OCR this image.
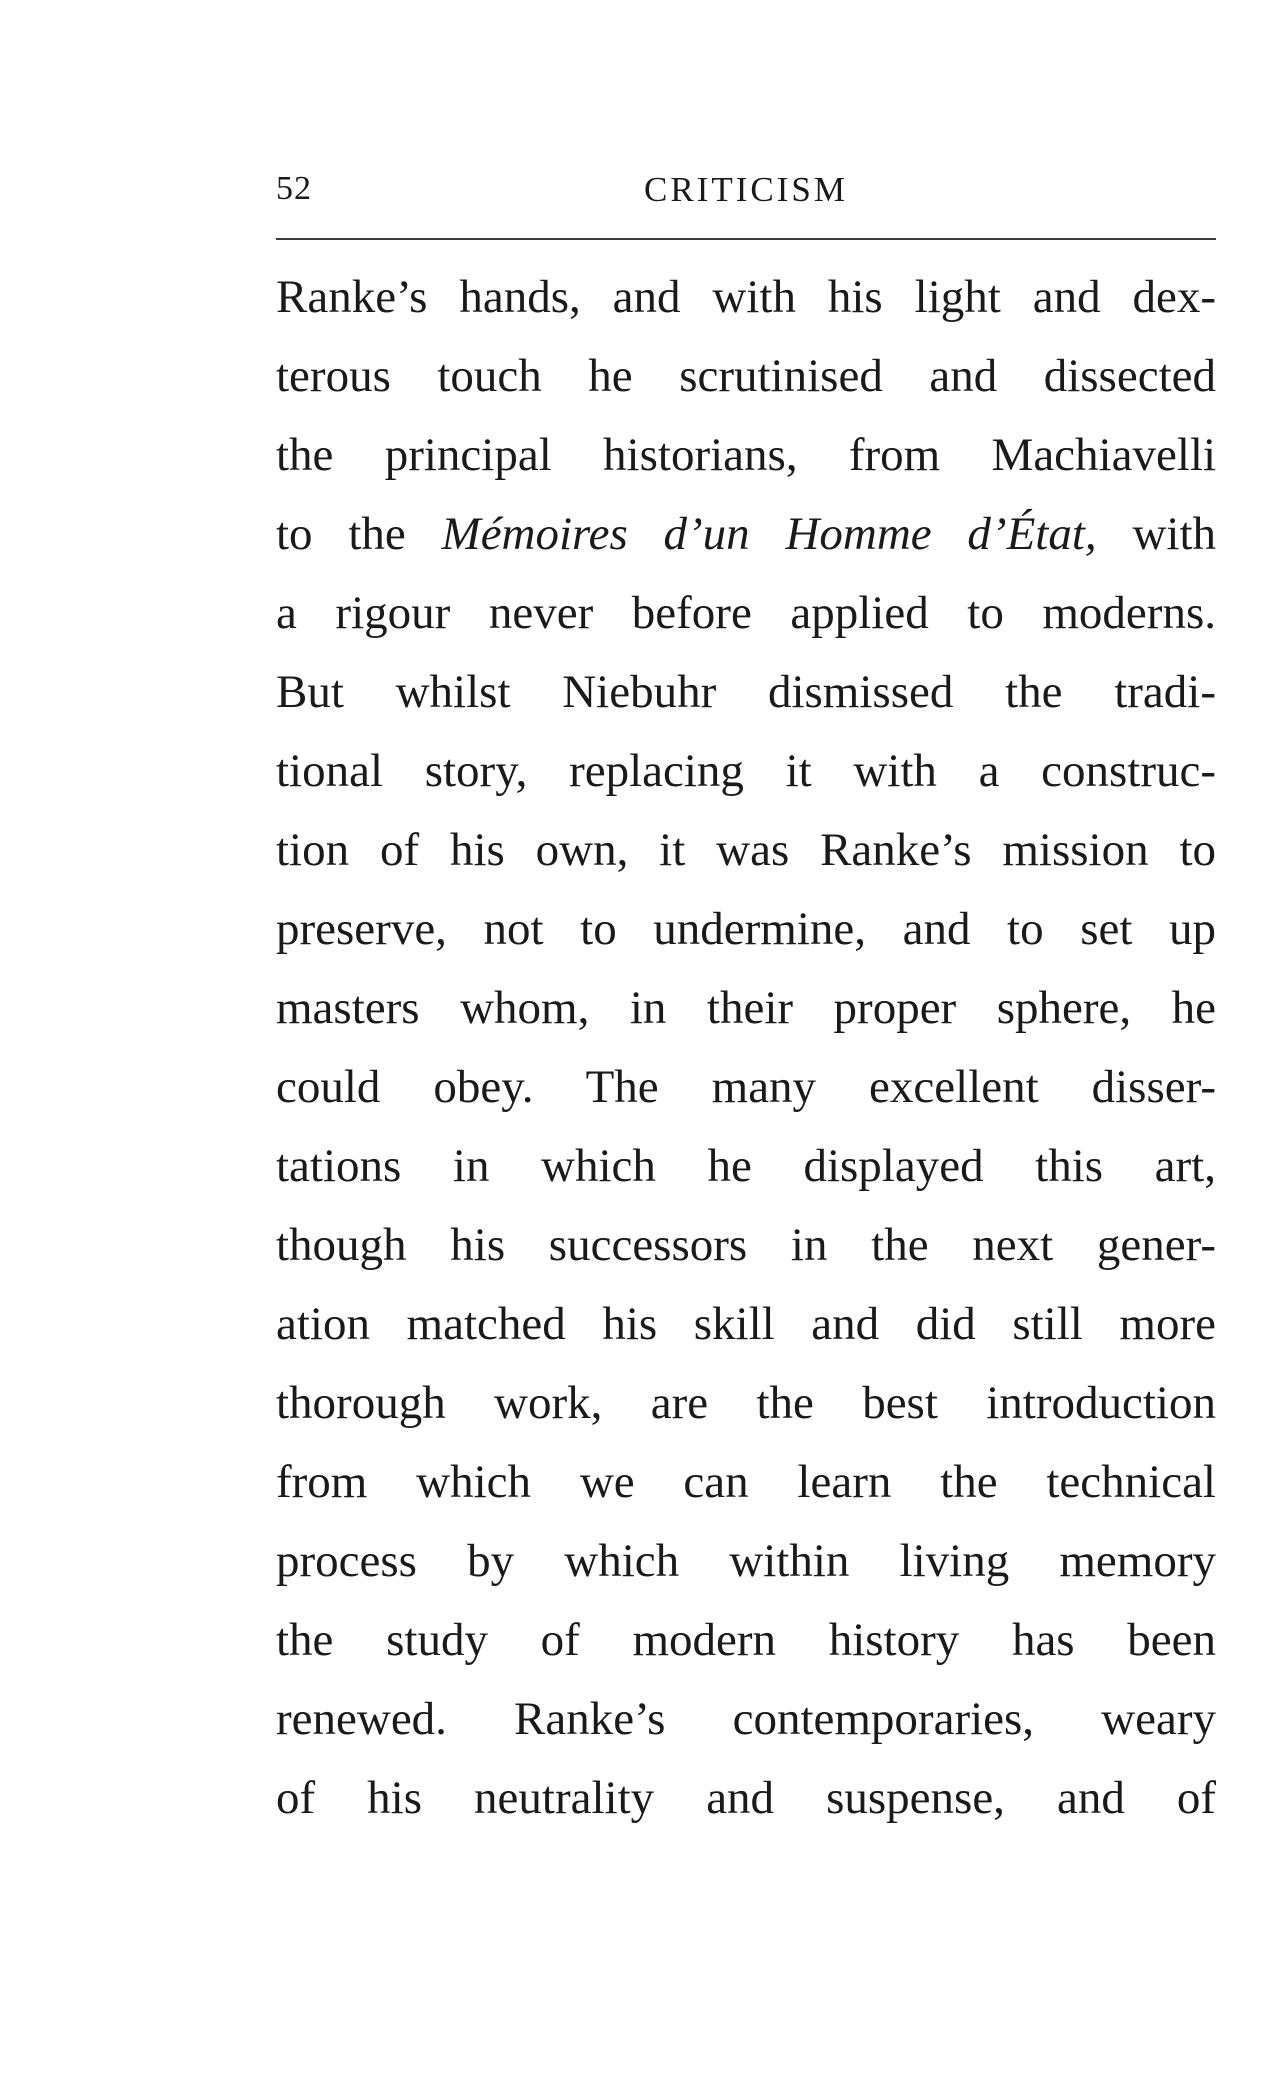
52	CRITICISM
Ranke’s hands, and with his light and dex-
terous touch he scrutinised and dissected
the principal historians, from Machiavelli
to the Mémoires d’un Homme d’État, with
a rigour never before applied to moderns.
But whilst Niebuhr dismissed the tradi-
tional story, replacing it with a construc-
tion of his own, it was Ranke’s mission to
preserve, not to undermine, and to set up
masters whom, in their proper sphere, he
could obey. The many excellent disser-
tations in which he displayed this art,
though his successors in the next gener-
ation matched his skill and did still more
thorough work, are the best introduction
from which we can learn the technical
process by which within living memory
the study of modern history has been
renewed. Ranke’s contemporaries, weary
of his neutrality and suspense, and of
